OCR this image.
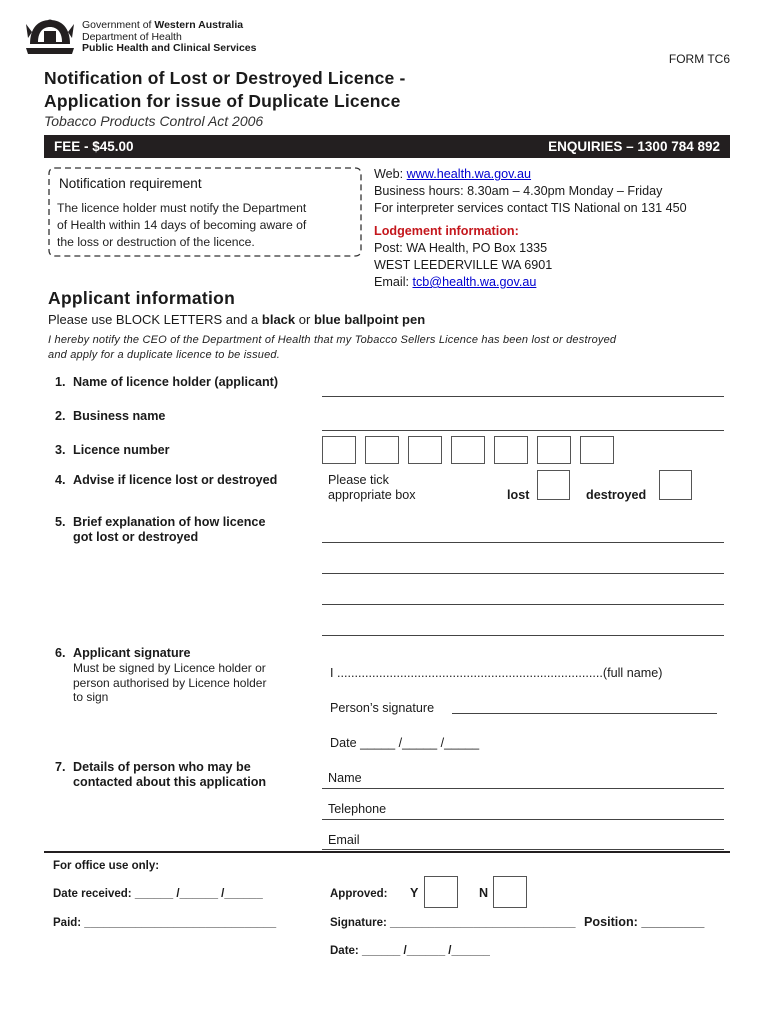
Government of Western Australia
Department of Health
Public Health and Clinical Services
FORM TC6
Notification of Lost or Destroyed Licence -
Application for issue of Duplicate Licence
Tobacco Products Control Act 2006
FEE - $45.00	ENQUIRIES – 1300 784 892
Notification requirement
The licence holder must notify the Department
of Health within 14 days of becoming aware of
the loss or destruction of the licence.
Web: www.health.wa.gov.au
Business hours: 8.30am – 4.30pm Monday – Friday
For interpreter services contact TIS National on 131 450
Lodgement information:
Post: WA Health, PO Box 1335
WEST LEEDERVILLE WA 6901
Email: tcb@health.wa.gov.au
Applicant information
Please use BLOCK LETTERS and a black or blue ballpoint pen
I hereby notify the CEO of the Department of Health that my Tobacco Sellers Licence has been lost or destroyed
and apply for a duplicate licence to be issued.
1. Name of licence holder (applicant)
2. Business name
3. Licence number
4. Advise if licence lost or destroyed	Please tick
appropriate box	lost	destroyed
5. Brief explanation of how licence
got lost or destroyed
6. Applicant signature
Must be signed by Licence holder or
person authorised by Licence holder
to sign
I ............................................................................(full name)
Person’s signature
Date _____ /_____ /_____
7. Details of person who may be
contacted about this application	Name
Telephone
Email
For office use only:
Date received: ______ /______ /______
Paid: ______________________________
Approved: Y	N
Signature: _____________________________ Position: _________
Date: ______ /______ /______
